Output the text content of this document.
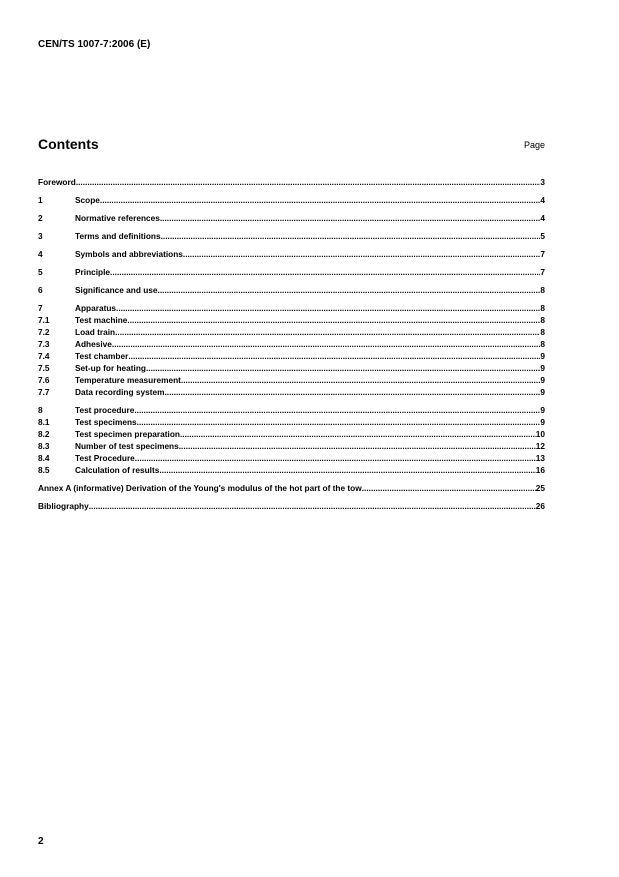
CEN/TS 1007-7:2006 (E)
Contents	Page
Foreword .....	3
1	Scope .....	4
2	Normative references .....	4
3	Terms and definitions .....	5
4	Symbols and abbreviations .....	7
5	Principle .....	7
6	Significance and use .....	8
7	Apparatus .....	8
7.1	Test machine .....	8
7.2	Load train .....	8
7.3	Adhesive .....	8
7.4	Test chamber .....	9
7.5	Set-up for heating .....	9
7.6	Temperature measurement .....	9
7.7	Data recording system .....	9
8	Test procedure .....	9
8.1	Test specimens .....	9
8.2	Test specimen preparation .....	10
8.3	Number of test specimens .....	12
8.4	Test Procedure .....	13
8.5	Calculation of results .....	16
Annex A (informative) Derivation of the Young's modulus of the hot part of the tow .....	25
Bibliography .....	26
2
